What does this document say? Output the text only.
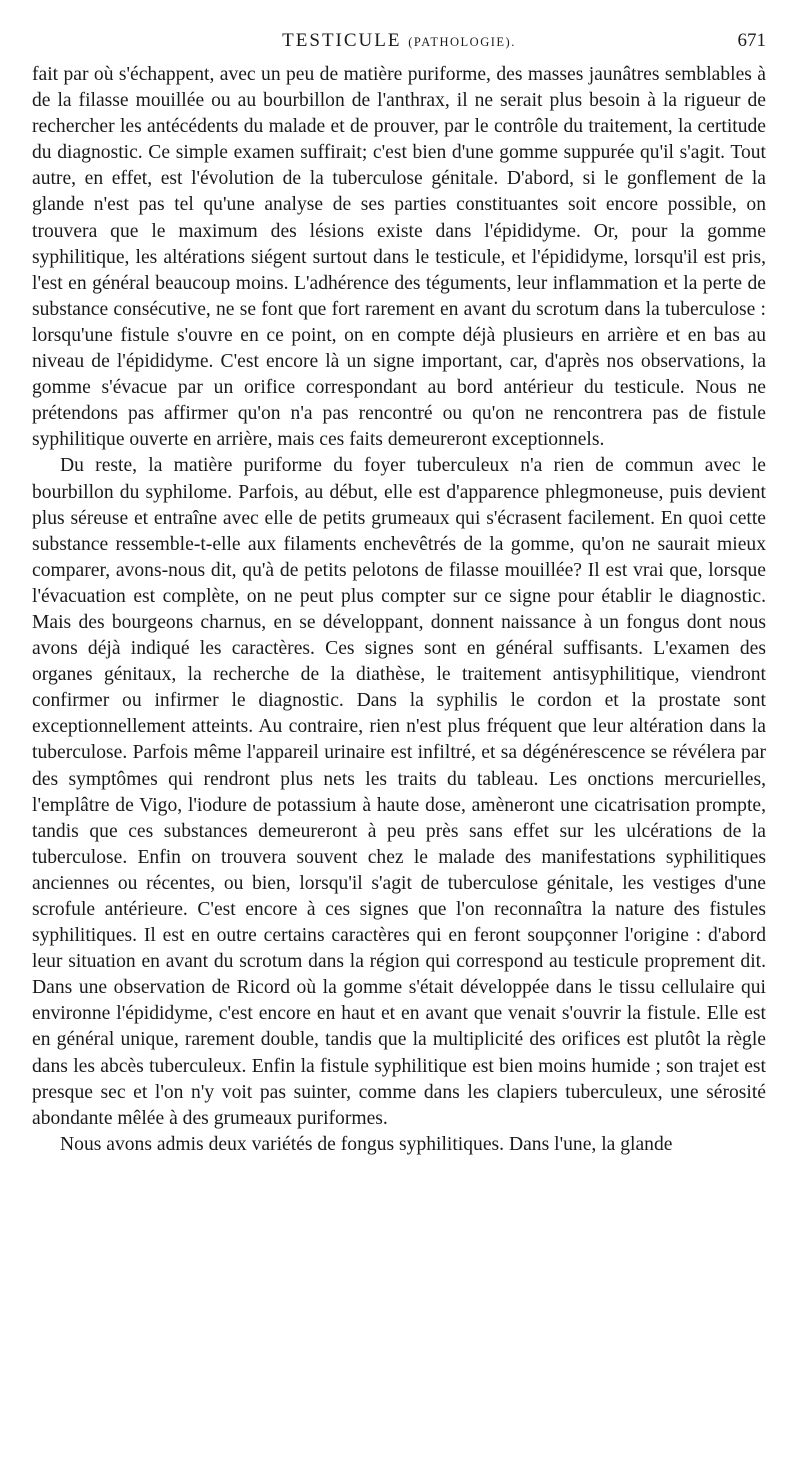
TESTICULE (PATHOLOGIE).	671

fait par où s'échappent, avec un peu de matière puriforme, des masses jaunâtres semblables à de la filasse mouillée ou au bourbillon de l'anthrax, il ne serait plus besoin à la rigueur de rechercher les antécédents du malade et de prouver, par le contrôle du traitement, la certitude du diagnostic. Ce simple examen suffirait; c'est bien d'une gomme suppurée qu'il s'agit. Tout autre, en effet, est l'évolution de la tuberculose génitale. D'abord, si le gonflement de la glande n'est pas tel qu'une analyse de ses parties constituantes soit encore possible, on trouvera que le maximum des lésions existe dans l'épididyme. Or, pour la gomme syphilitique, les altérations siégent surtout dans le testicule, et l'épididyme, lorsqu'il est pris, l'est en général beaucoup moins. L'adhérence des téguments, leur inflammation et la perte de substance consécutive, ne se font que fort rarement en avant du scrotum dans la tuberculose : lorsqu'une fistule s'ouvre en ce point, on en compte déjà plusieurs en arrière et en bas au niveau de l'épididyme. C'est encore là un signe important, car, d'après nos observations, la gomme s'évacue par un orifice correspondant au bord antérieur du testicule. Nous ne prétendons pas affirmer qu'on n'a pas rencontré ou qu'on ne rencontrera pas de fistule syphilitique ouverte en arrière, mais ces faits demeureront exceptionnels.

Du reste, la matière puriforme du foyer tuberculeux n'a rien de commun avec le bourbillon du syphilome. Parfois, au début, elle est d'apparence phlegmoneuse, puis devient plus séreuse et entraîne avec elle de petits grumeaux qui s'écrasent facilement. En quoi cette substance ressemble-t-elle aux filaments enchevêtrés de la gomme, qu'on ne saurait mieux comparer, avons-nous dit, qu'à de petits pelotons de filasse mouillée? Il est vrai que, lorsque l'évacuation est complète, on ne peut plus compter sur ce signe pour établir le diagnostic. Mais des bourgeons charnus, en se développant, donnent naissance à un fongus dont nous avons déjà indiqué les caractères. Ces signes sont en général suffisants. L'examen des organes génitaux, la recherche de la diathèse, le traitement antisyphilitique, viendront confirmer ou infirmer le diagnostic. Dans la syphilis le cordon et la prostate sont exceptionnellement atteints. Au contraire, rien n'est plus fréquent que leur altération dans la tuberculose. Parfois même l'appareil urinaire est infiltré, et sa dégénérescence se révélera par des symptômes qui rendront plus nets les traits du tableau. Les onctions mercurielles, l'emplâtre de Vigo, l'iodure de potassium à haute dose, amèneront une cicatrisation prompte, tandis que ces substances demeureront à peu près sans effet sur les ulcérations de la tuberculose. Enfin on trouvera souvent chez le malade des manifestations syphilitiques anciennes ou récentes, ou bien, lorsqu'il s'agit de tuberculose génitale, les vestiges d'une scrofule antérieure. C'est encore à ces signes que l'on reconnaîtra la nature des fistules syphilitiques. Il est en outre certains caractères qui en feront soupçonner l'origine : d'abord leur situation en avant du scrotum dans la région qui correspond au testicule proprement dit. Dans une observation de Ricord où la gomme s'était développée dans le tissu cellulaire qui environne l'épididyme, c'est encore en haut et en avant que venait s'ouvrir la fistule. Elle est en général unique, rarement double, tandis que la multiplicité des orifices est plutôt la règle dans les abcès tuberculeux. Enfin la fistule syphilitique est bien moins humide ; son trajet est presque sec et l'on n'y voit pas suinter, comme dans les clapiers tuberculeux, une sérosité abondante mêlée à des grumeaux puriformes.

Nous avons admis deux variétés de fongus syphilitiques. Dans l'une, la glande
